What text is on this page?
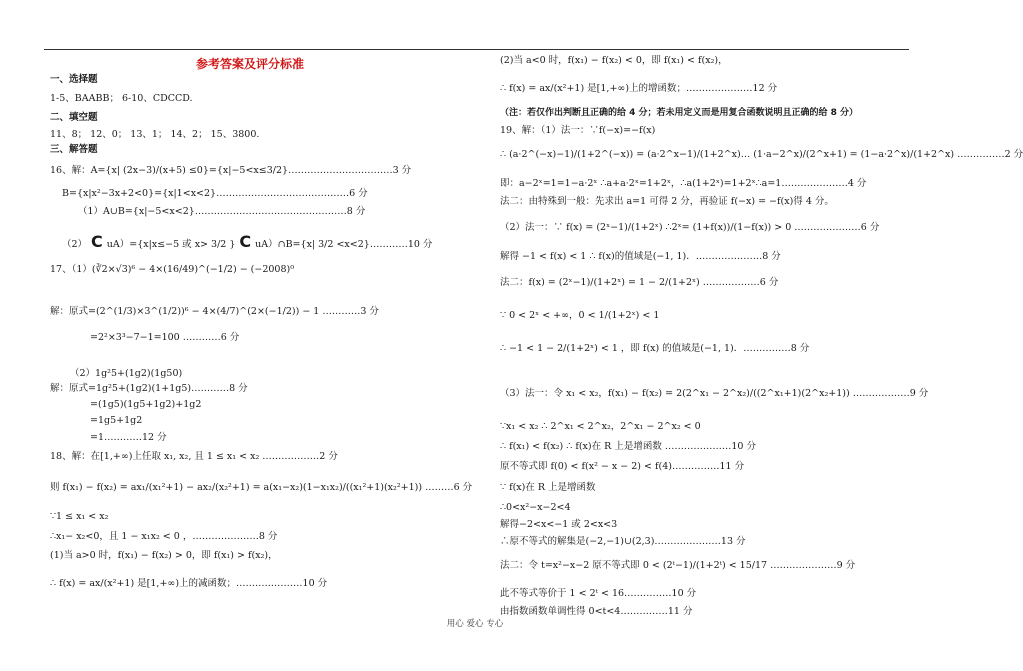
参考答案及评分标准
一、选择题
1-5、BAABB； 6-10、CDCCD.
二、填空题
11、8； 12、0； 13、1； 14、2； 15、3800.
三、解答题
16、解：A={x| (2x−3)/(x+5) ≤0}={x|−5<x≤3/2}……………………………3 分
B={x|x²−3x+2<0}={x|1<x<2}……………………………………6 分
（1）A∪B={x|−5<x<2}…………………………………………8 分
（2） C uA）={x|x≤−5 或 x> 3/2 } C uA）∩B={x| 3/2 <x<2}…………10 分
17、（1）(∛2×√3)⁶ − 4×(16/49)^(−1/2) − (−2008)⁰
解：原式=(2^(1/3)×3^(1/2))⁶ − 4×(4/7)^(2×(−1/2)) − 1 …………3 分
=2²×3³−7−1=100 …………6 分
（2）1g²5+(1g2)(1g50)
解：原式=1g²5+(1g2)(1+1g5)…………8 分
=(1g5)(1g5+1g2)+1g2
=1g5+1g2
=1…………12 分
18、解：在[1,+∞)上任取 x₁, x₂, 且 1 ≤ x₁ < x₂ ………………2 分
则 f(x₁) − f(x₂) = ax₁/(x₁²+1) − ax₂/(x₂²+1) = a(x₁−x₂)(1−x₁x₂)/((x₁²+1)(x₂²+1)) ………6 分
∵1 ≤ x₁ < x₂
∴x₁− x₂<0，且 1 − x₁x₂ < 0 ，…………………8 分
(1)当 a>0 时，f(x₁) − f(x₂) > 0，即 f(x₁) > f(x₂)，
∴ f(x) = ax/(x²+1) 是[1,+∞)上的减函数；…………………10 分
(2)当 a<0 时，f(x₁) − f(x₂) < 0，即 f(x₁) < f(x₂)，
∴ f(x) = ax/(x²+1) 是[1,+∞)上的增函数；…………………12 分
（注：若仅作出判断且正确的给 4 分；若未用定义而是用复合函数说明且正确的给 8 分）
19、解：（1）法一：∵f(−x)=−f(x)
∴ (a·2^(−x)−1)/(1+2^(−x)) = (a·2^x−1)/(1+2^x)… (1·a−2^x)/(2^x+1) = (1−a·2^x)/(1+2^x) ……………2 分
即：a−2ˣ=1=1−a·2ˣ ∴a+a·2ˣ=1+2ˣ，∴a(1+2ˣ)=1+2ˣ∴a=1…………………4 分
法二：由特殊到一般：先求出 a=1 可得 2 分，再验证 f(−x) = −f(x)得 4 分。
（2）法一：∵ f(x) = (2ˣ−1)/(1+2ˣ) ∴2ˣ= (1+f(x))/(1−f(x)) > 0 …………………6 分
解得 −1 < f(x) < 1 ∴ f(x)的值域是(−1, 1)．…………………8 分
法二：f(x) = (2ˣ−1)/(1+2ˣ) = 1 − 2/(1+2ˣ) ………………6 分
∵ 0 < 2ˣ < +∞，0 < 1/(1+2ˣ) < 1
∴ −1 < 1 − 2/(1+2ˣ) < 1 ，即 f(x) 的值域是(−1, 1)．……………8 分
（3）法一：令 x₁ < x₂，f(x₁) − f(x₂) = 2(2^x₁ − 2^x₂)/((2^x₁+1)(2^x₂+1)) ………………9 分
∵x₁ < x₂ ∴ 2^x₁ < 2^x₂，2^x₁ − 2^x₂ < 0
∴ f(x₁) < f(x₂) ∴ f(x)在 R 上是增函数 …………………10 分
原不等式即 f(0) < f(x² − x − 2) < f(4)……………11 分
∵ f(x)在 R 上是增函数
∴0<x²−x−2<4
解得−2<x<−1 或 2<x<3
∴原不等式的解集是(−2,−1)∪(2,3)…………………13 分
法二：令 t=x²−x−2 原不等式即 0 < (2ᵗ−1)/(1+2ᵗ) < 15/17 …………………9 分
此不等式等价于 1 < 2ᵗ < 16……………10 分
由指数函数单调性得 0<t<4……………11 分
用心 爱心 专心
